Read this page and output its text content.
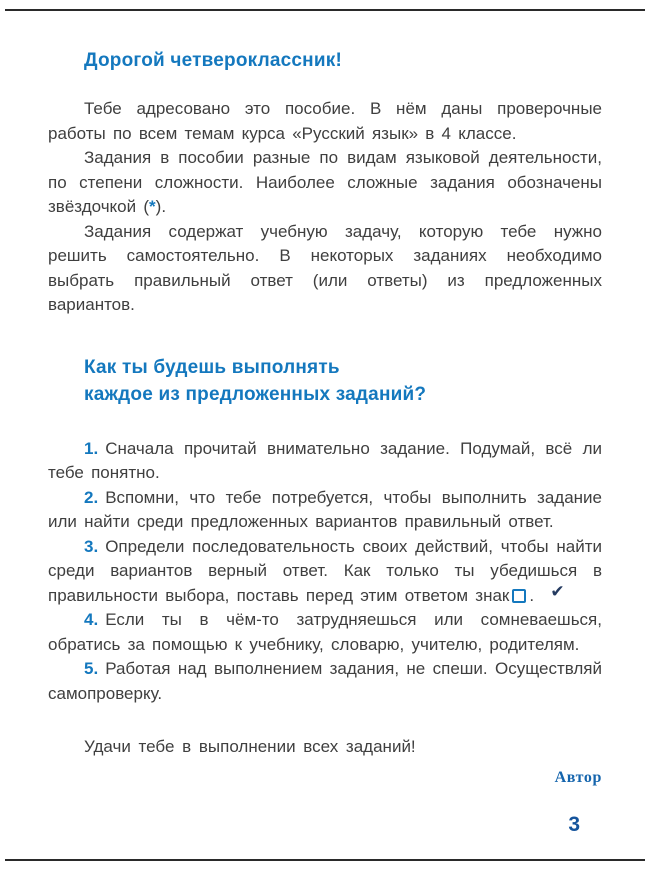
Дорогой четвероклассник!

Тебе адресовано это пособие. В нём даны проверочные работы по всем темам курса «Русский язык» в 4 классе.

Задания в пособии разные по видам языковой деятельности, по степени сложности. Наиболее сложные задания обозначены звёздочкой (*).

Задания содержат учебную задачу, которую тебе нужно решить самостоятельно. В некоторых заданиях необходимо выбрать правильный ответ (или ответы) из предложенных вариантов.

Как ты будешь выполнять
каждое из предложенных заданий?

1. Сначала прочитай внимательно задание. Подумай, всё ли тебе понятно.

2. Вспомни, что тебе потребуется, чтобы выполнить задание или найти среди предложенных вариантов правильный ответ.

3. Определи последовательность своих действий, чтобы найти среди вариантов верный ответ. Как только ты убедишься в правильности выбора, поставь перед этим ответом знак	✔
.

4. Если ты в чём-то затрудняешься или сомневаешься, обратись за помощью к учебнику, словарю, учителю, родителям.

5. Работая над выполнением задания, не спеши. Осуществляй самопроверку.

Удачи тебе в выполнении всех заданий!

Автор
3
